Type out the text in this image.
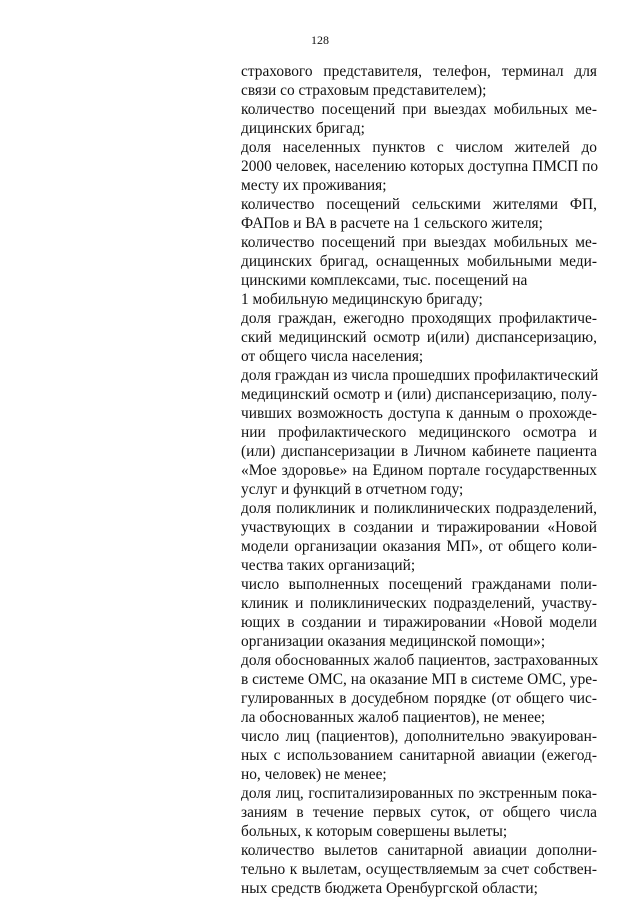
128
страхового представителя, телефон, терминал для
связи со страховым представителем);
количество посещений при выездах мобильных ме-
дицинских бригад;
доля населенных пунктов с числом жителей до
2000 человек, населению которых доступна ПМСП по
месту их проживания;
количество посещений сельскими жителями ФП,
ФАПов и ВА в расчете на 1 сельского жителя;
количество посещений при выездах мобильных ме-
дицинских бригад, оснащенных мобильными меди-
цинскими комплексами, тыс. посещений на
1 мобильную медицинскую бригаду;
доля граждан, ежегодно проходящих профилактиче-
ский медицинский осмотр и(или) диспансеризацию,
от общего числа населения;
доля граждан из числа прошедших профилактический
медицинский осмотр и (или) диспансеризацию, полу-
чивших возможность доступа к данным о прохожде-
нии профилактического медицинского осмотра и
(или) диспансеризации в Личном кабинете пациента
«Мое здоровье» на Едином портале государственных
услуг и функций в отчетном году;
доля поликлиник и поликлинических подразделений,
участвующих в создании и тиражировании «Новой
модели организации оказания МП», от общего коли-
чества таких организаций;
число выполненных посещений гражданами поли-
клиник и поликлинических подразделений, участву-
ющих в создании и тиражировании «Новой модели
организации оказания медицинской помощи»;
доля обоснованных жалоб пациентов, застрахованных
в системе ОМС, на оказание МП в системе ОМС, уре-
гулированных в досудебном порядке (от общего чис-
ла обоснованных жалоб пациентов), не менее;
число лиц (пациентов), дополнительно эвакуирован-
ных с использованием санитарной авиации (ежегод-
но, человек) не менее;
доля лиц, госпитализированных по экстренным пока-
заниям в течение первых суток, от общего числа
больных, к которым совершены вылеты;
количество вылетов санитарной авиации дополни-
тельно к вылетам, осуществляемым за счет собствен-
ных средств бюджета Оренбургской области;
